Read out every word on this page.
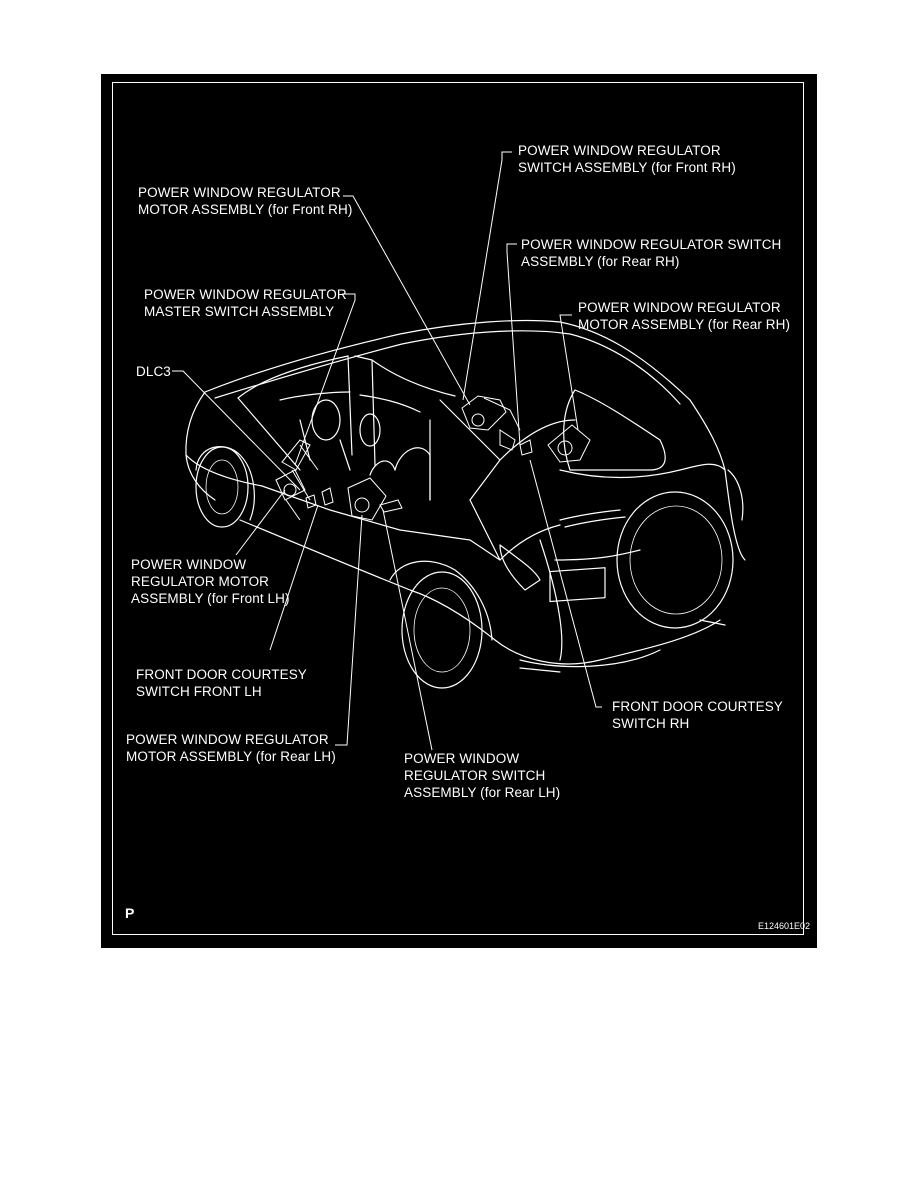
POWER WINDOW REGULATOR
SWITCH ASSEMBLY (for Front RH)
POWER WINDOW REGULATOR
MOTOR ASSEMBLY (for Front RH)
POWER WINDOW REGULATOR SWITCH
ASSEMBLY (for Rear RH)
POWER WINDOW REGULATOR
MASTER SWITCH ASSEMBLY	POWER WINDOW REGULATOR
MOTOR ASSEMBLY (for Rear RH)
DLC3
POWER WINDOW
REGULATOR MOTOR
ASSEMBLY (for Front LH)
FRONT DOOR COURTESY
SWITCH FRONT LH
POWER WINDOW REGULATOR
MOTOR ASSEMBLY (for Rear LH)	POWER WINDOW
REGULATOR SWITCH
ASSEMBLY (for Rear LH)
FRONT DOOR COURTESY
SWITCH RH
P
E124601E02
